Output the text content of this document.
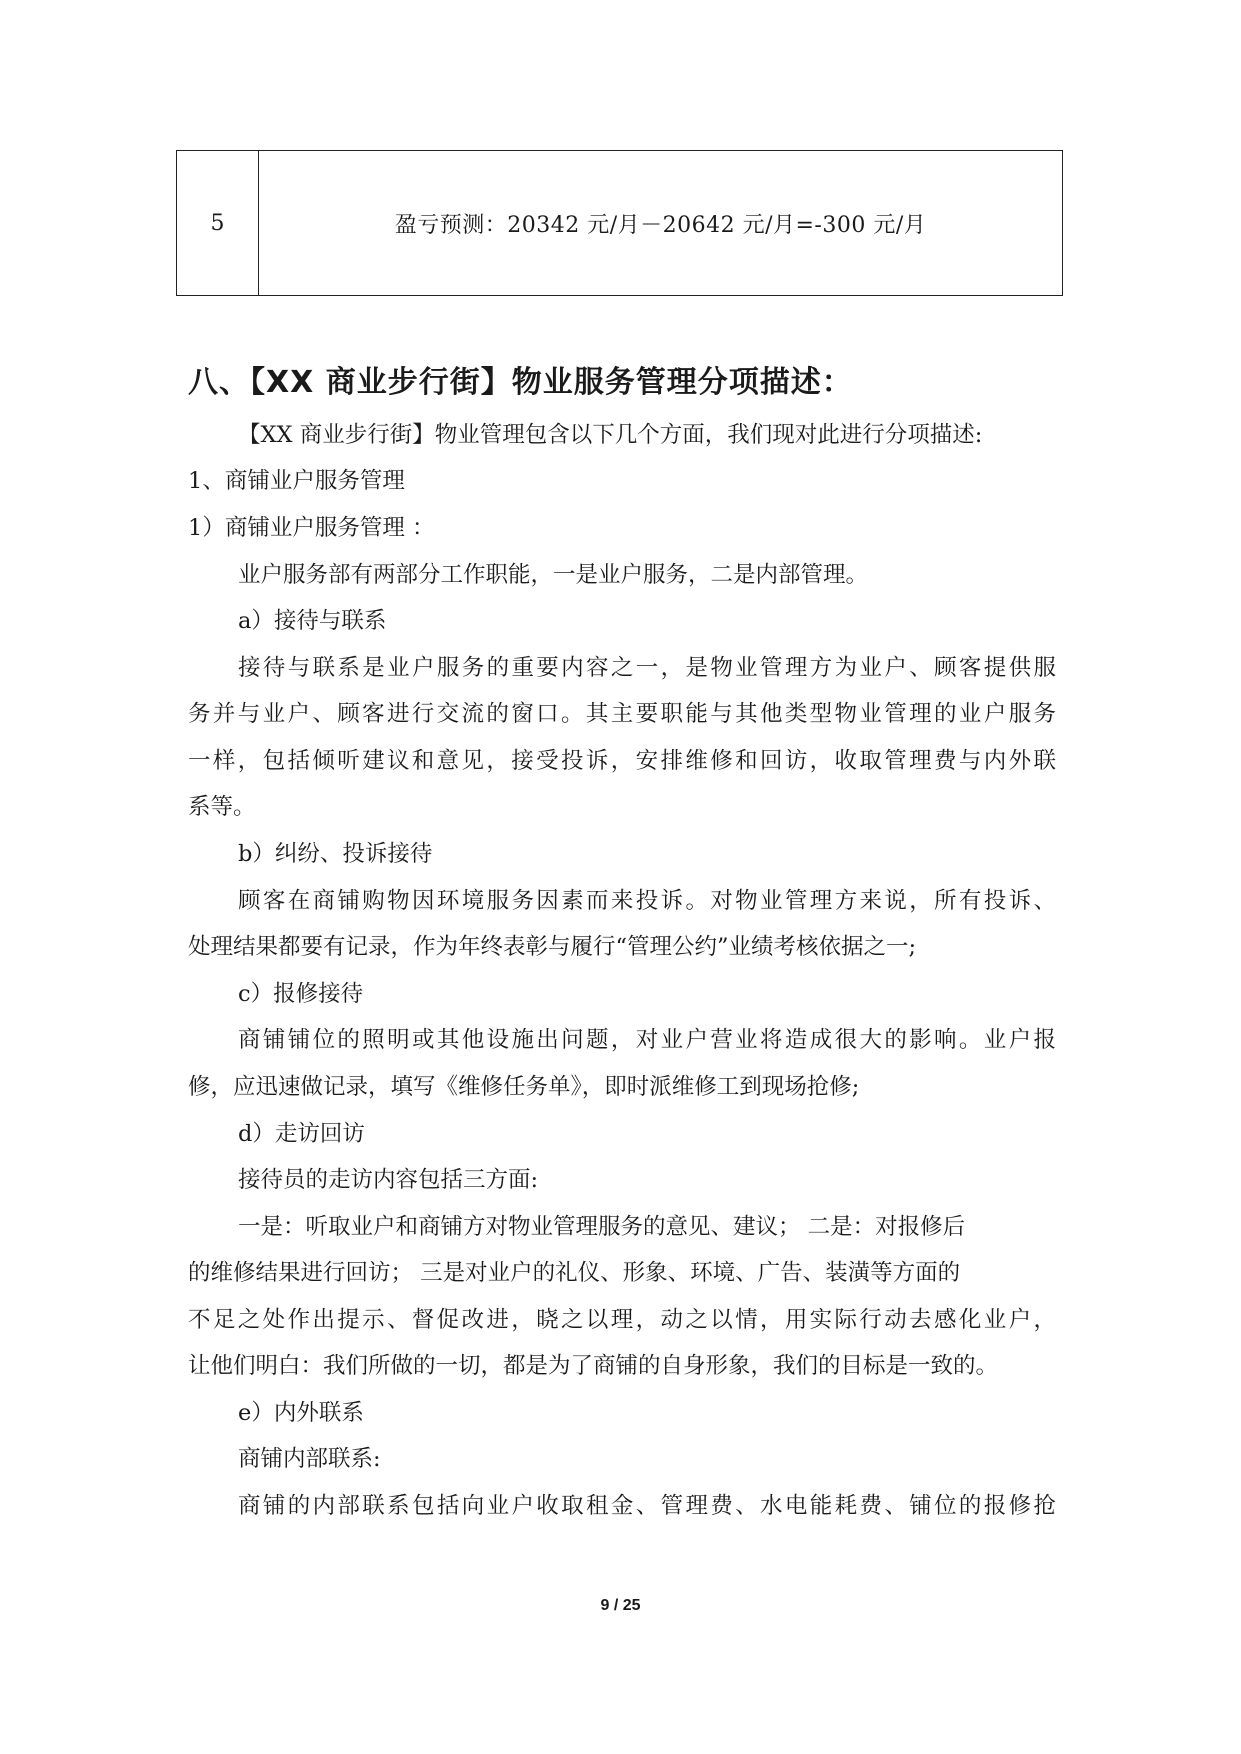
5	盈亏预测：20342 元/月－20642 元/月=-300 元/月
八、【XX 商业步行街】物业服务管理分项描述：
【XX 商业步行街】物业管理包含以下几个方面，我们现对此进行分项描述:
1、商铺业户服务管理
1）商铺业户服务管理 ：
业户服务部有两部分工作职能，一是业户服务，二是内部管理。
a）接待与联系
接待与联系是业户服务的重要内容之一，是物业管理方为业户、顾客提供服
务并与业户、顾客进行交流的窗口。其主要职能与其他类型物业管理的业户服务
一样，包括倾听建议和意见，接受投诉，安排维修和回访，收取管理费与内外联
系等。
b）纠纷、投诉接待
顾客在商铺购物因环境服务因素而来投诉。对物业管理方来说，所有投诉、
处理结果都要有记录，作为年终表彰与履行“管理公约”业绩考核依据之一;
c）报修接待
商铺铺位的照明或其他设施出问题，对业户营业将造成很大的影响。业户报
修，应迅速做记录，填写《维修任务单》，即时派维修工到现场抢修;
d）走访回访
接待员的走访内容包括三方面:
一是：听取业户和商铺方对物业管理服务的意见、建议； 二是：对报修后
的维修结果进行回访； 三是对业户的礼仪、形象、环境、广告、装潢等方面的
不足之处作出提示、督促改进，晓之以理，动之以情，用实际行动去感化业户，
让他们明白：我们所做的一切，都是为了商铺的自身形象，我们的目标是一致的。
e）内外联系
商铺内部联系:
商铺的内部联系包括向业户收取租金、管理费、水电能耗费、铺位的报修抢
9 / 25
